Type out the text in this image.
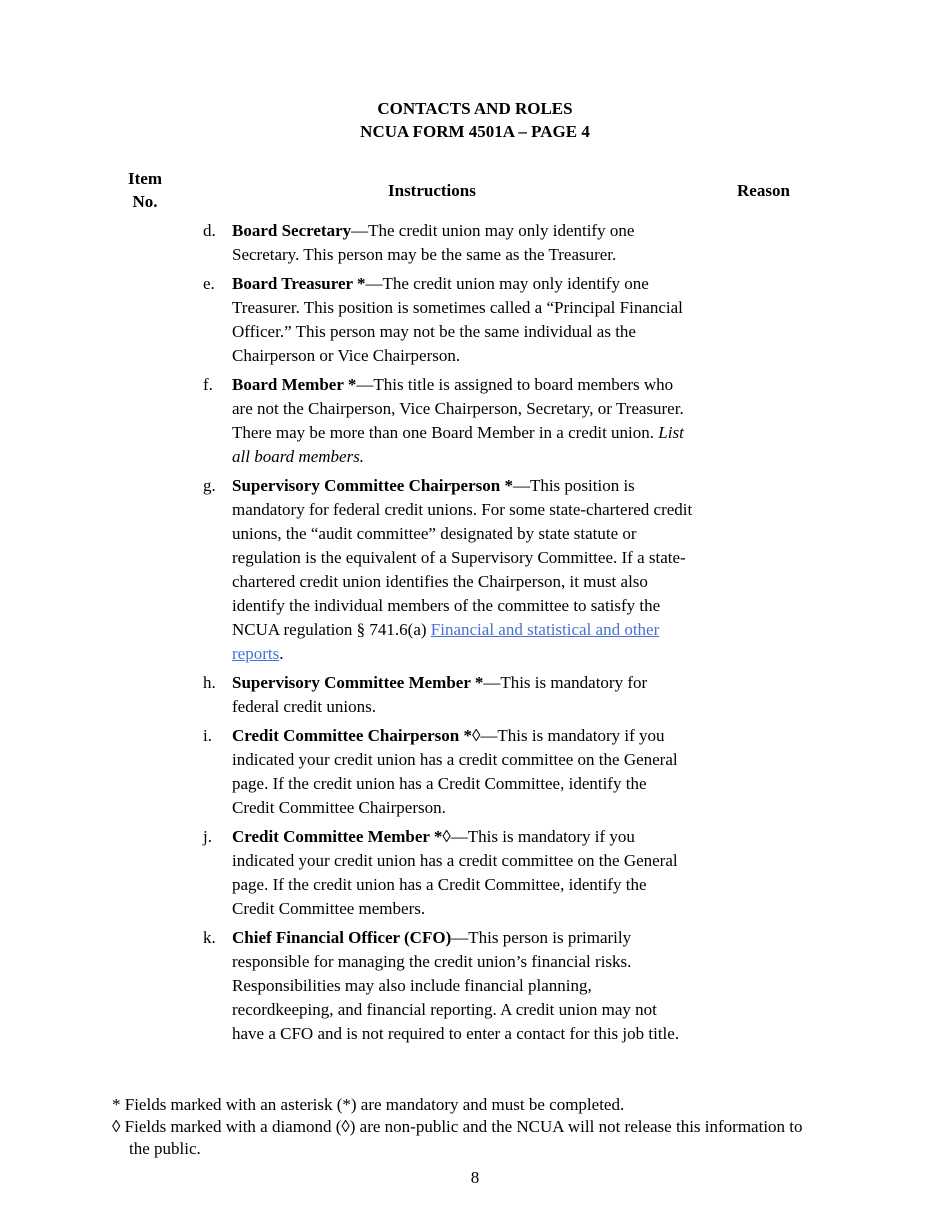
CONTACTS AND ROLES
NCUA FORM 4501A – PAGE 4
Item
No.
Instructions	Reason
d. Board Secretary—The credit union may only identify one Secretary. This person may be the same as the Treasurer.
e. Board Treasurer *—The credit union may only identify one Treasurer. This position is sometimes called a “Principal Financial Officer.” This person may not be the same individual as the Chairperson or Vice Chairperson.
f. Board Member *—This title is assigned to board members who are not the Chairperson, Vice Chairperson, Secretary, or Treasurer. There may be more than one Board Member in a credit union. List all board members.
g. Supervisory Committee Chairperson *—This position is mandatory for federal credit unions. For some state-chartered credit unions, the “audit committee” designated by state statute or regulation is the equivalent of a Supervisory Committee. If a state-chartered credit union identifies the Chairperson, it must also identify the individual members of the committee to satisfy the NCUA regulation § 741.6(a) Financial and statistical and other reports.
h. Supervisory Committee Member *—This is mandatory for federal credit unions.
i. Credit Committee Chairperson *◊—This is mandatory if you indicated your credit union has a credit committee on the General page. If the credit union has a Credit Committee, identify the Credit Committee Chairperson.
j. Credit Committee Member *◊—This is mandatory if you indicated your credit union has a credit committee on the General page. If the credit union has a Credit Committee, identify the Credit Committee members.
k. Chief Financial Officer (CFO)—This person is primarily responsible for managing the credit union’s financial risks. Responsibilities may also include financial planning, recordkeeping, and financial reporting. A credit union may not have a CFO and is not required to enter a contact for this job title.
* Fields marked with an asterisk (*) are mandatory and must be completed.
◊ Fields marked with a diamond (◊) are non-public and the NCUA will not release this information to the public.
8
